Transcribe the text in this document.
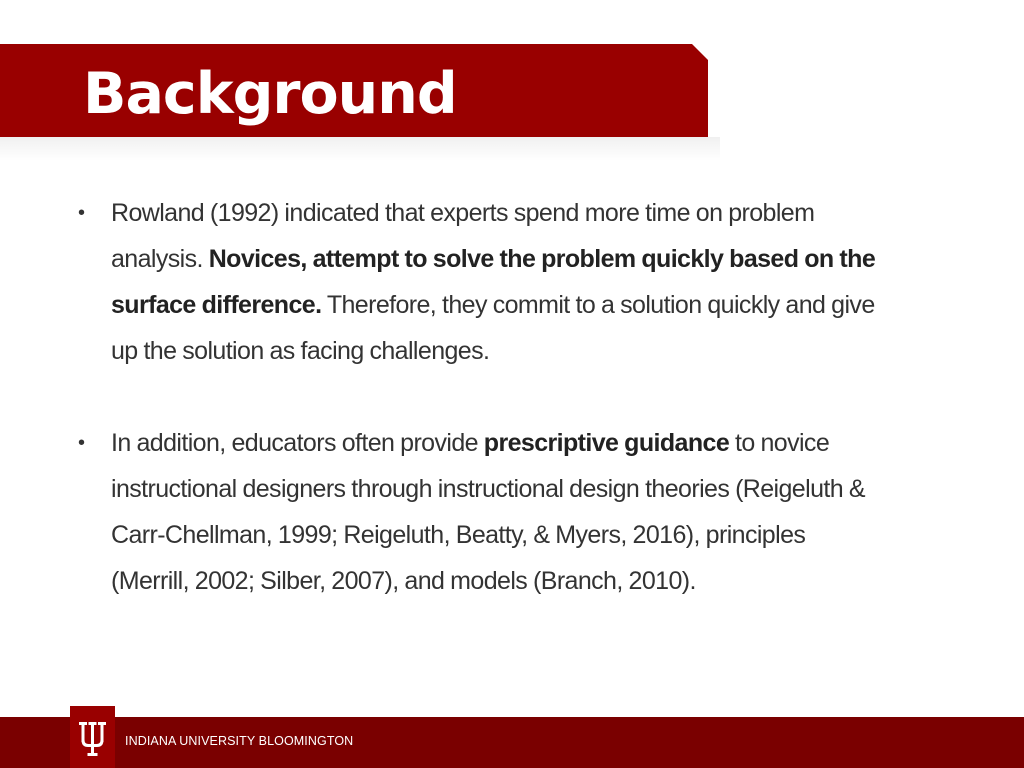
Background
•	Rowland (1992) indicated that experts spend more time on problem analysis. Novices, attempt to solve the problem quickly based on the surface difference. Therefore, they commit to a solution quickly and give up the solution as facing challenges.

•	In addition, educators often provide prescriptive guidance to novice instructional designers through instructional design theories (Reigeluth & Carr-Chellman, 1999; Reigeluth, Beatty, & Myers, 2016), principles (Merrill, 2002; Silber, 2007), and models (Branch, 2010).

INDIANA UNIVERSITY BLOOMINGTON
